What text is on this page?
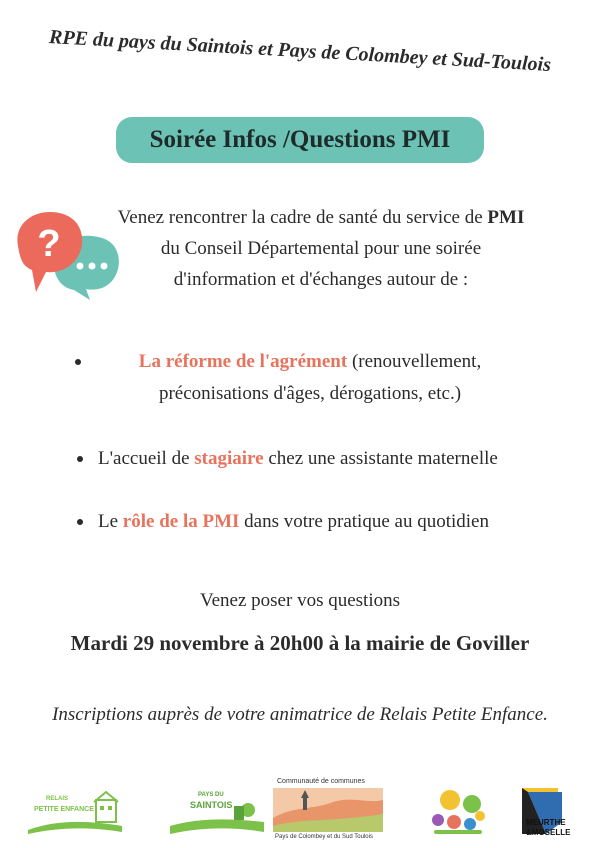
RPE du pays du Saintois et Pays de Colombey et Sud-Toulois
Soirée Infos /Questions PMI
?
Venez rencontrer la cadre de santé du service de PMI
du Conseil Départemental pour une soirée
d'information et d'échanges autour de :
La réforme de l'agrément (renouvellement, préconisations d'âges, dérogations, etc.)
L'accueil de stagiaire chez une assistante maternelle
Le rôle de la PMI dans votre pratique au quotidien
Venez poser vos questions
Mardi 29 novembre à 20h00 à la mairie de Goviller
Inscriptions auprès de votre animatrice de Relais Petite Enfance.
RELAIS
PETITE ENFANCE
PAYS DU
SAINTOIS
Communauté de communes
Pays de Colombey et du Sud Toulois
MEURTHE
&MOSELLE
